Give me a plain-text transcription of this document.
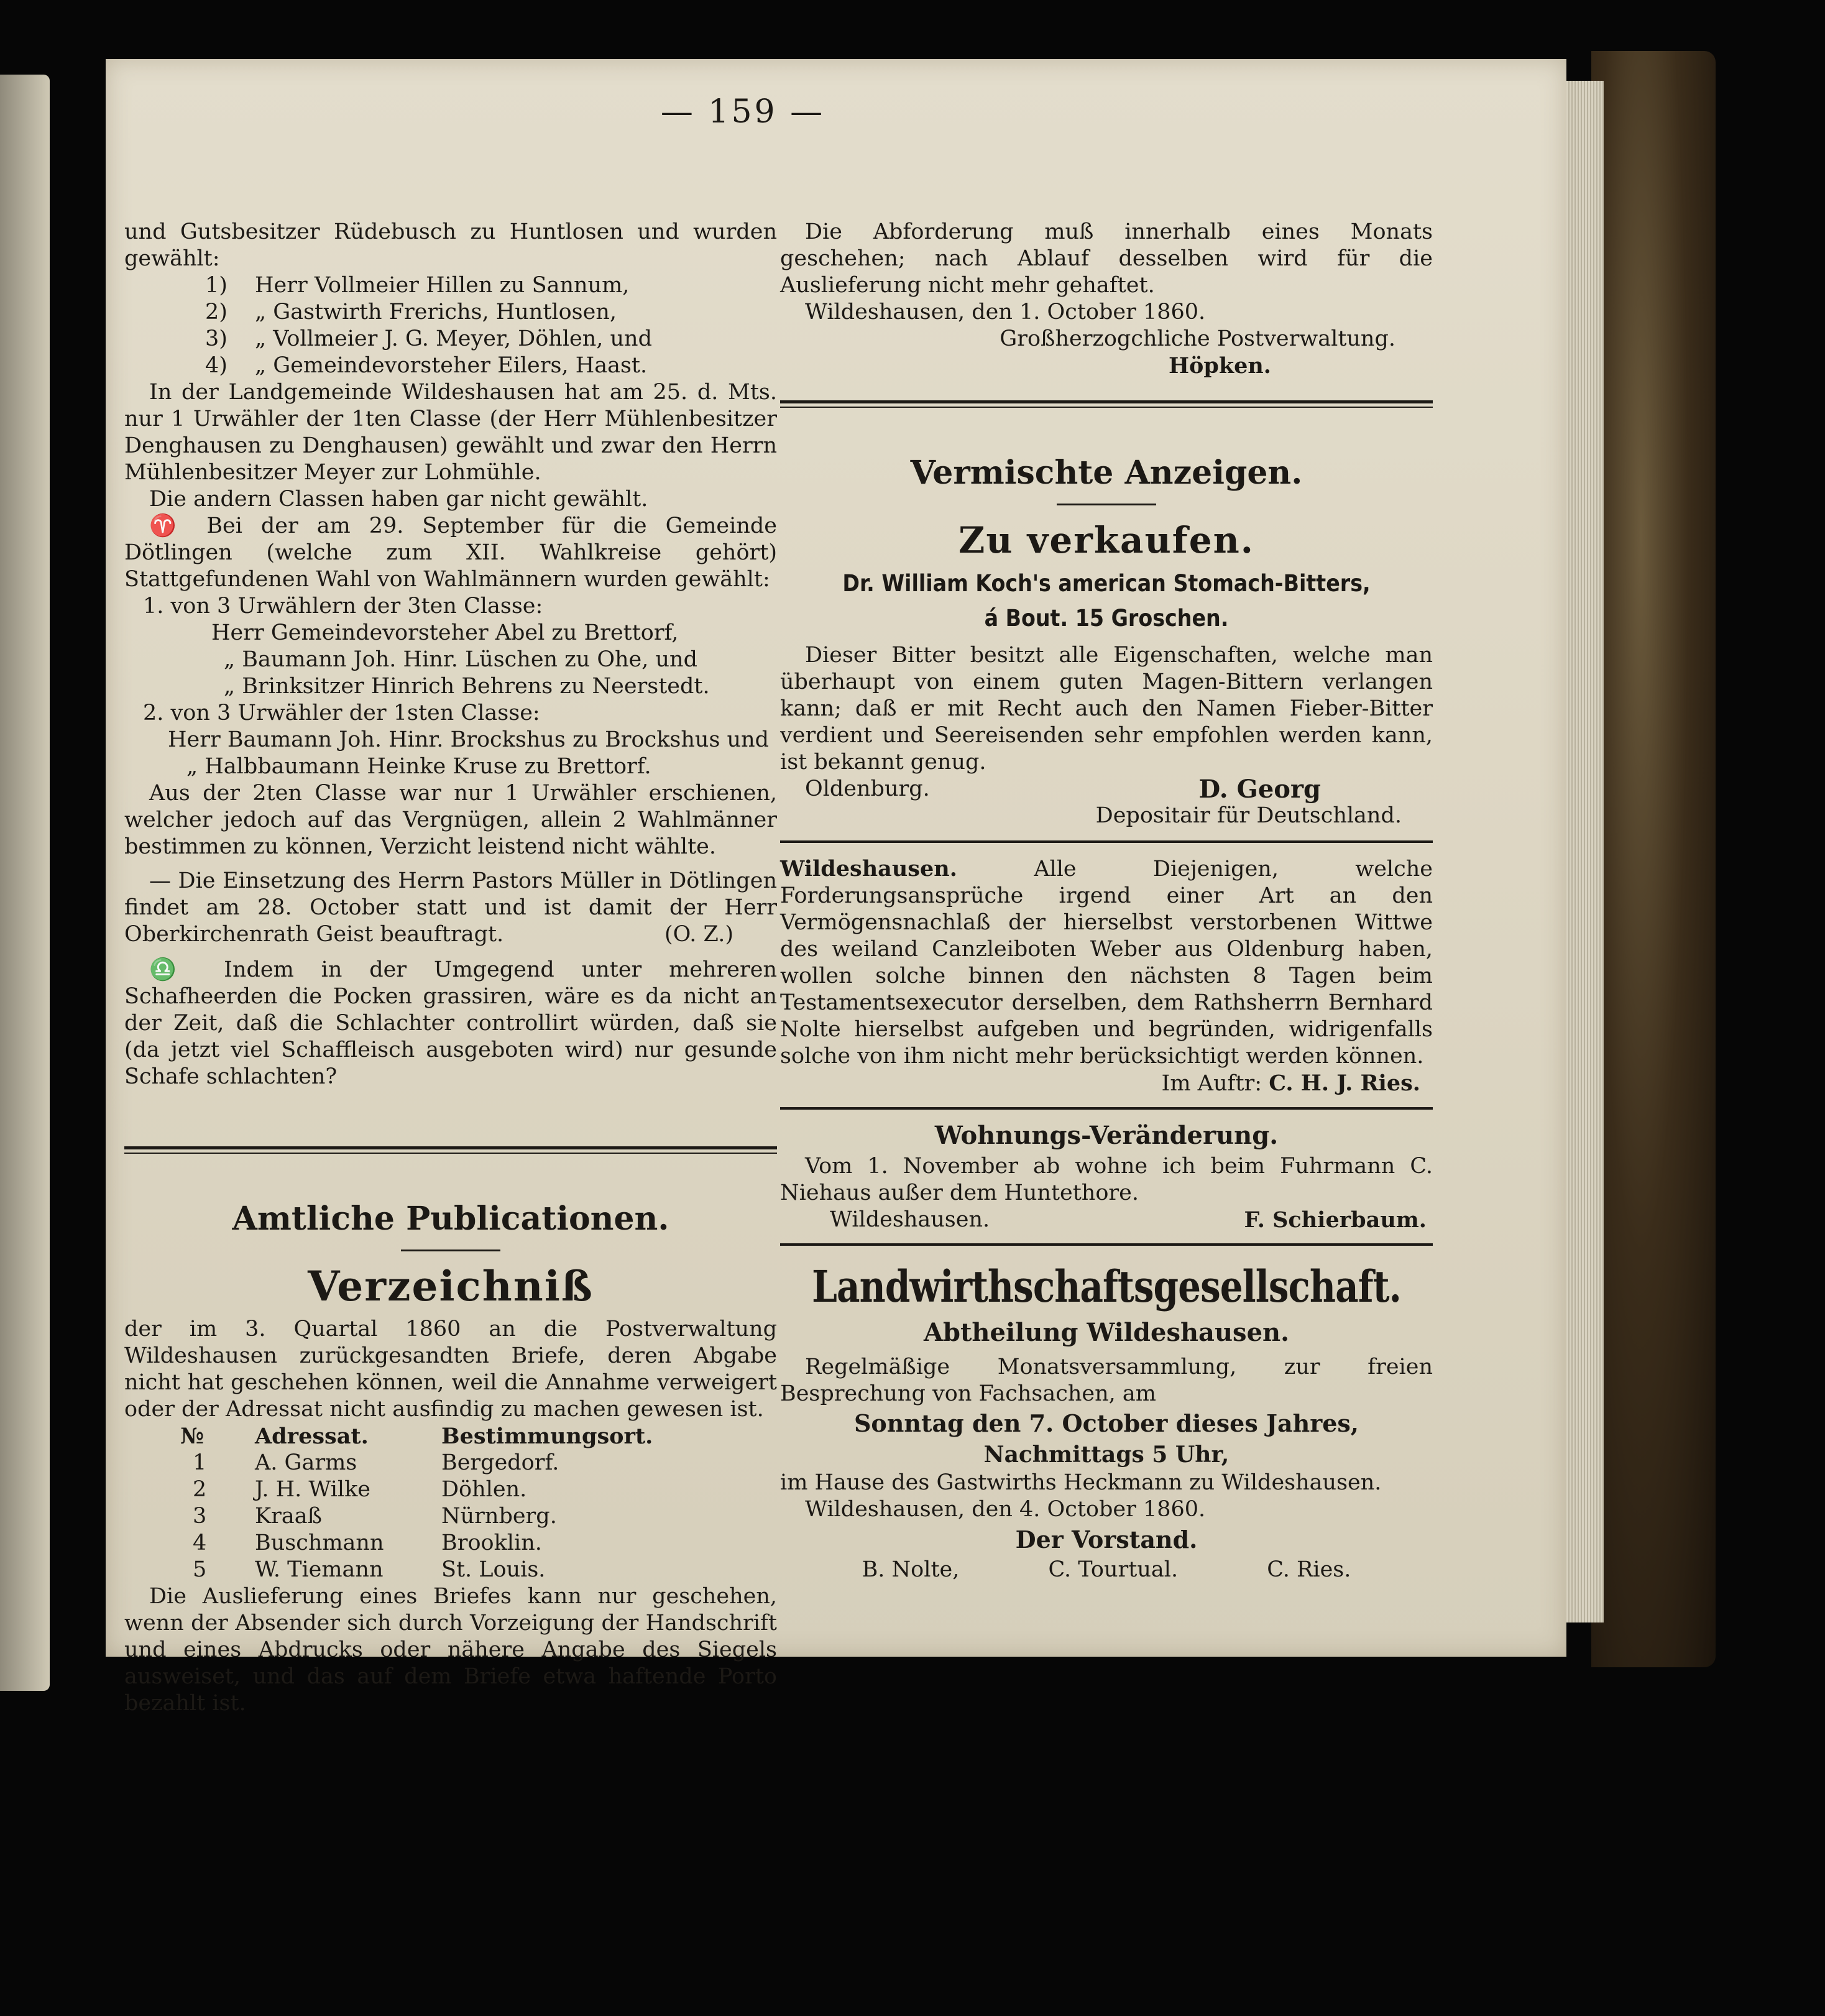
— 159 —

und Gutsbesitzer Rüdebusch zu Huntlosen und wurden gewählt:

1)	Herr Vollmeier Hillen zu Sannum,
2)	„ Gastwirth Frerichs, Huntlosen,
3)	„ Vollmeier J. G. Meyer, Döhlen, und
4)	„ Gemeindevorsteher Eilers, Haast.

In der Landgemeinde Wildeshausen hat am 25. d. Mts. nur 1 Urwähler der 1ten Classe (der Herr Mühlenbesitzer Denghausen zu Denghausen) gewählt und zwar den Herrn Mühlenbesitzer Meyer zur Lohmühle.

Die andern Classen haben gar nicht gewählt.

♈ Bei der am 29. September für die Gemeinde Dötlingen (welche zum XII. Wahlkreise gehört) Stattgefundenen Wahl von Wahlmännern wurden gewählt:

1. von 3 Urwählern der 3ten Classe:

Herr Gemeindevorsteher Abel zu Brettorf,

„ Baumann Joh. Hinr. Lüschen zu Ohe, und

„ Brinksitzer Hinrich Behrens zu Neerstedt.

2. von 3 Urwähler der 1sten Classe:

Herr Baumann Joh. Hinr. Brockshus zu Brockshus und

„ Halbbaumann Heinke Kruse zu Brettorf.

Aus der 2ten Classe war nur 1 Urwähler erschienen, welcher jedoch auf das Vergnügen, allein 2 Wahlmänner bestimmen zu können, Verzicht leistend nicht wählte.

— Die Einsetzung des Herrn Pastors Müller in Dötlingen findet am 28. October statt und ist damit der Herr Oberkirchenrath Geist beauftragt.	(O. Z.)

♎ Indem in der Umgegend unter mehreren Schafheerden die Pocken grassiren, wäre es da nicht an der Zeit, daß die Schlachter controllirt würden, daß sie (da jetzt viel Schaffleisch ausgeboten wird) nur gesunde Schafe schlachten?

Amtliche Publicationen.
Verzeichniß

der im 3. Quartal 1860 an die Postverwaltung Wildeshausen zurückgesandten Briefe, deren Abgabe nicht hat geschehen können, weil die Annahme verweigert oder der Adressat nicht ausfindig zu machen gewesen ist.

№	Adressat.	Bestimmungsort.
1	A. Garms	Bergedorf.
2	J. H. Wilke	Döhlen.
3	Kraaß	Nürnberg.
4	Buschmann	Brooklin.
5	W. Tiemann	St. Louis.

Die Auslieferung eines Briefes kann nur geschehen, wenn der Absender sich durch Vorzeigung der Handschrift und eines Abdrucks oder nähere Angabe des Siegels ausweiset, und das auf dem Briefe etwa haftende Porto bezahlt ist.

Die Abforderung muß innerhalb eines Monats geschehen; nach Ablauf desselben wird für die Auslieferung nicht mehr gehaftet.

Wildeshausen, den 1. October 1860.

Großherzogchliche Postverwaltung.

Höpken.

Vermischte Anzeigen.
Zu verkaufen.

Dr. William Koch's american Stomach-Bitters,

á Bout. 15 Groschen.

Dieser Bitter besitzt alle Eigenschaften, welche man überhaupt von einem guten Magen-Bittern verlangen kann; daß er mit Recht auch den Namen Fieber-Bitter verdient und Seereisenden sehr empfohlen werden kann, ist bekannt genug.

Oldenburg.	D. Georg

Depositair für Deutschland.

Wildeshausen.	Alle Diejenigen, welche Forderungsansprüche irgend einer Art an den Vermögensnachlaß der hierselbst verstorbenen Wittwe des weiland Canzleiboten Weber aus Oldenburg haben, wollen solche binnen den nächsten 8 Tagen beim Testamentsexecutor derselben, dem Rathsherrn Bernhard Nolte hierselbst aufgeben und begründen, widrigenfalls solche von ihm nicht mehr berücksichtigt werden können.

Im Auftr: C. H. J. Ries.

Wohnungs-Veränderung.

Vom 1. November ab wohne ich beim Fuhrmann C. Niehaus außer dem Huntethore.

Wildeshausen.	F. Schierbaum.
Landwirthschaftsgesellschaft.
Abtheilung Wildeshausen.

Regelmäßige Monatsversammlung, zur freien Besprechung von Fachsachen, am

Sonntag den 7. October dieses Jahres,

Nachmittags 5 Uhr,

im Hause des Gastwirths Heckmann zu Wildeshausen.

Wildeshausen, den 4. October 1860.

Der Vorstand.

B. Nolte,	C. Tourtual.	C. Ries.
